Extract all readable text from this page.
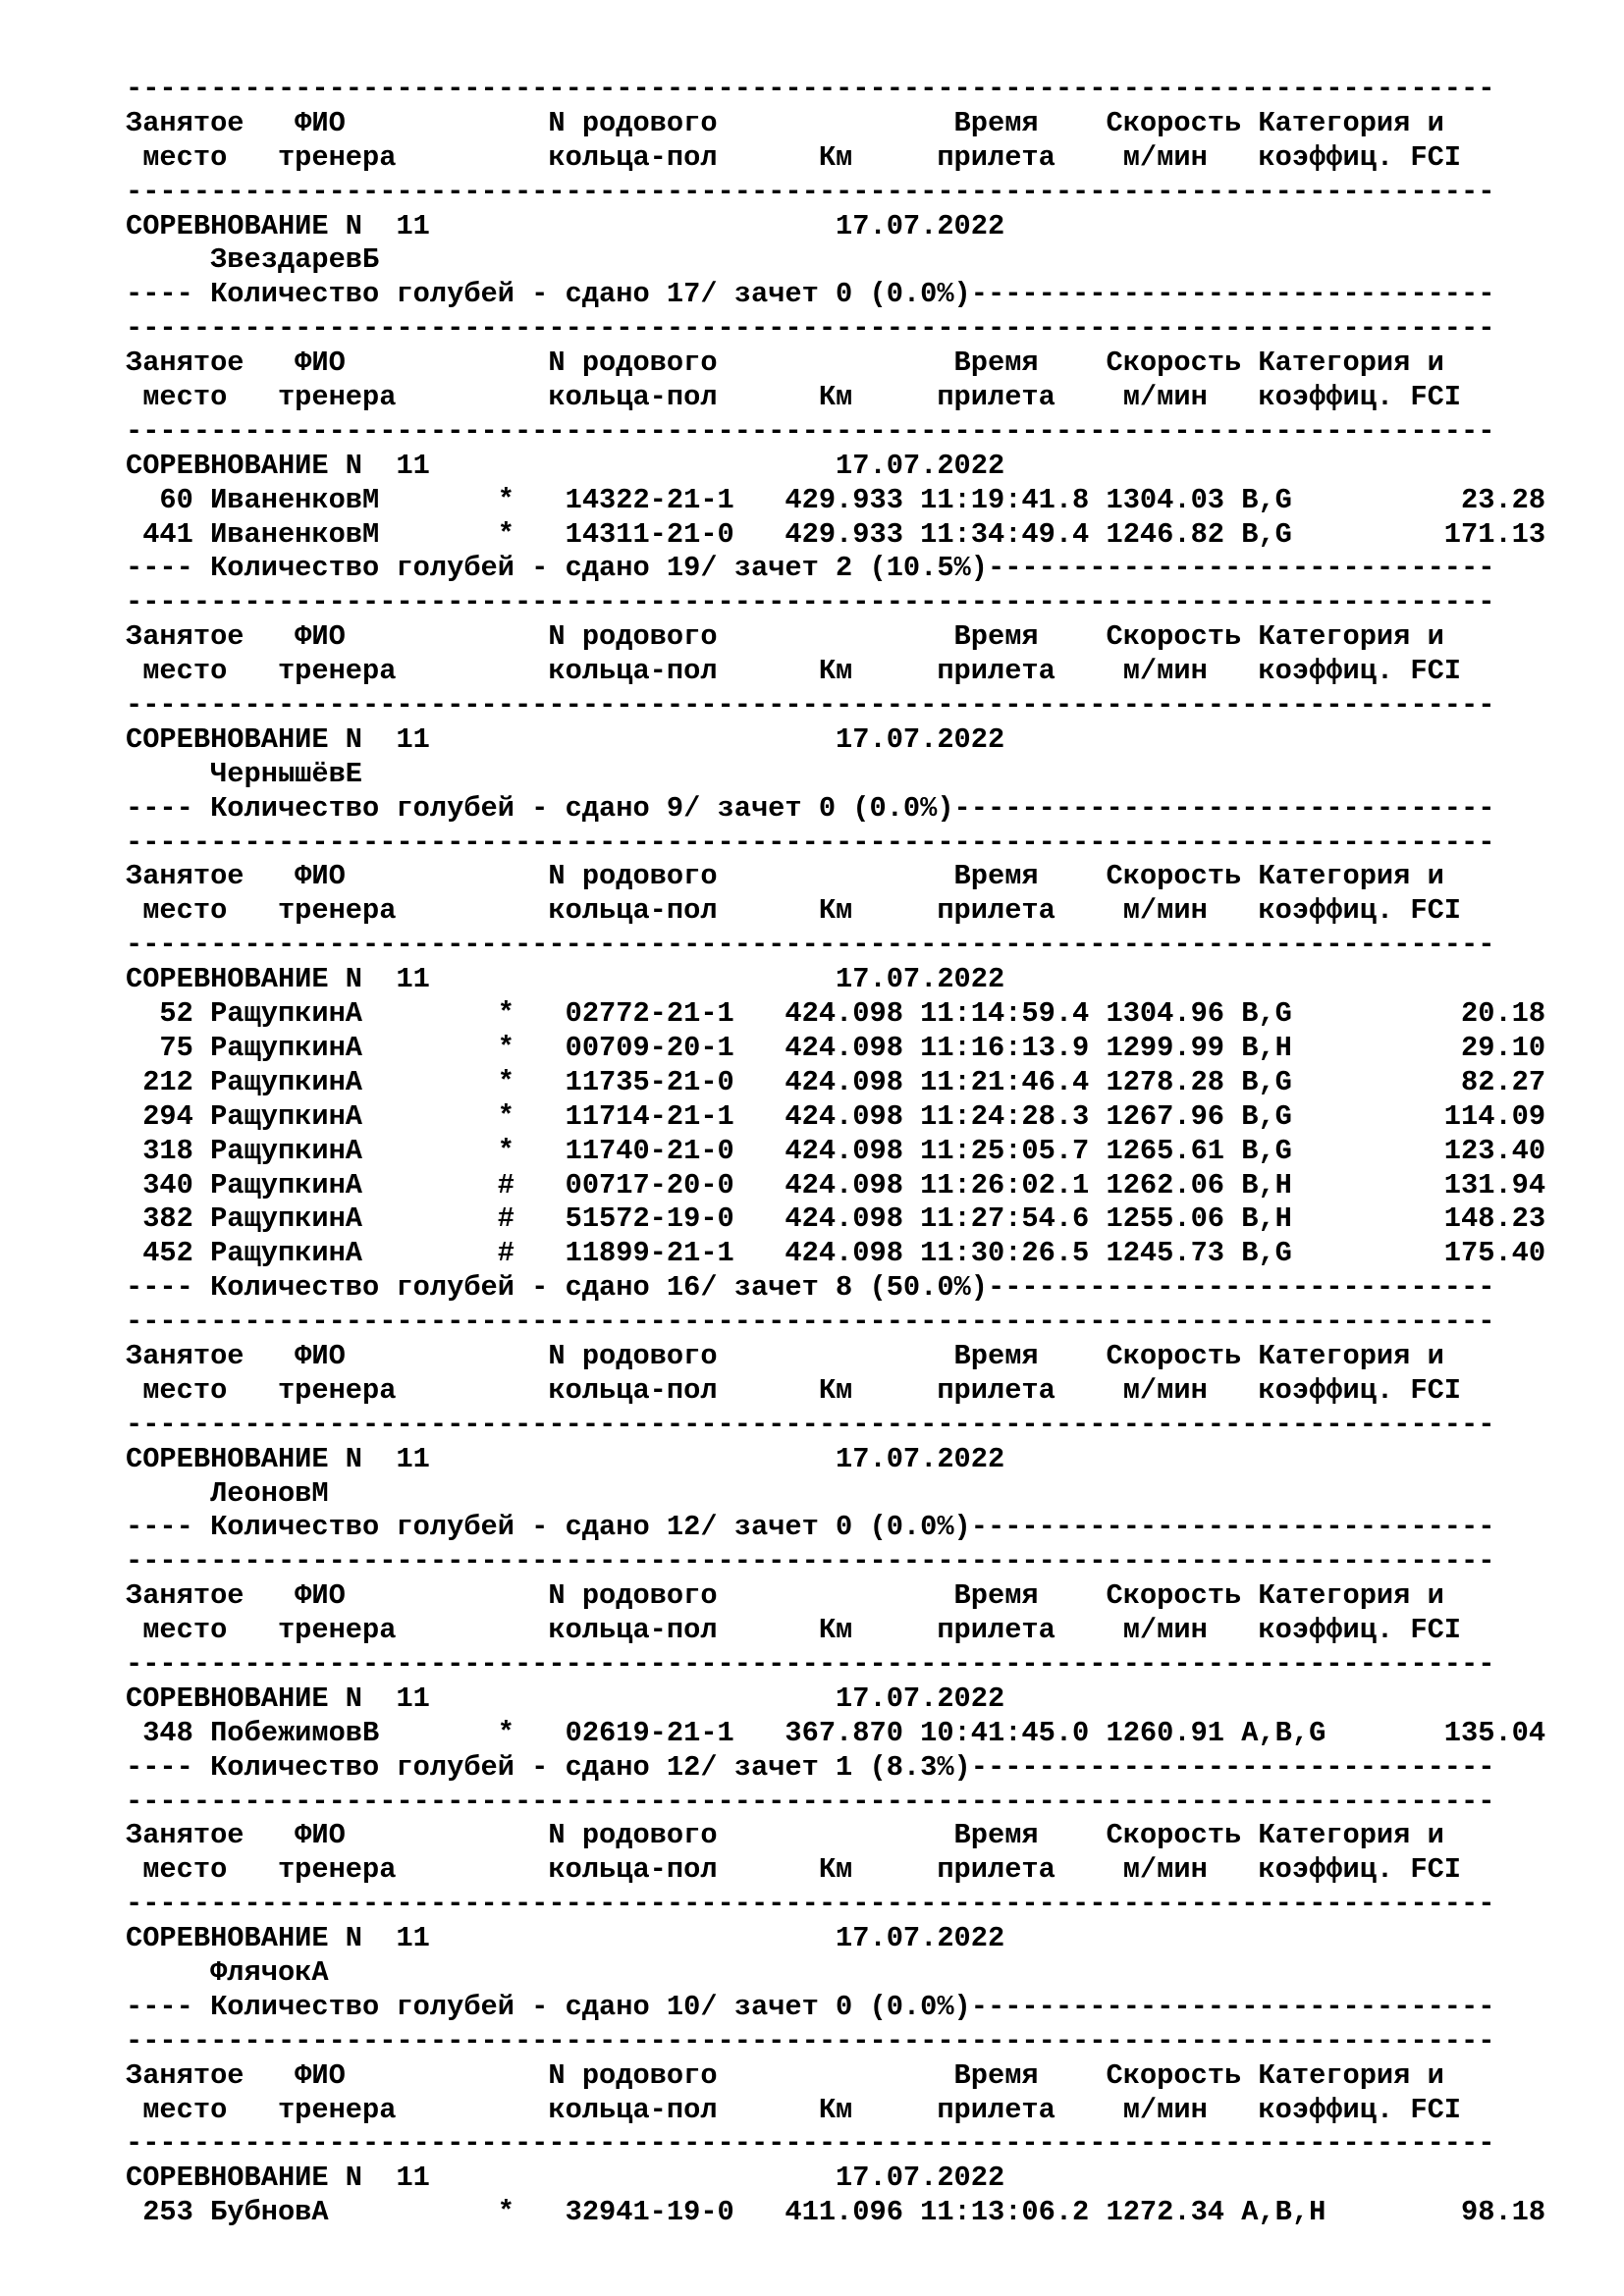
---------------------------------------------------------------------------------
Занятое   ФИО            N родового              Время    Скорость Категория и
место   тренера         кольца-пол      Км     прилета    м/мин   коэффиц. FCI
---------------------------------------------------------------------------------
СОРЕВНОВАНИЕ N  11                        17.07.2022
ЗвездаревБ
---- Количество голубей - сдано 17/ зачет 0 (0.0%)-------------------------------
---------------------------------------------------------------------------------
Занятое   ФИО            N родового              Время    Скорость Категория и
место   тренера         кольца-пол      Км     прилета    м/мин   коэффиц. FCI
---------------------------------------------------------------------------------
СОРЕВНОВАНИЕ N  11                        17.07.2022
60 ИваненковМ       *   14322-21-1   429.933 11:19:41.8 1304.03 B,G          23.28
441 ИваненковМ       *   14311-21-0   429.933 11:34:49.4 1246.82 B,G         171.13
---- Количество голубей - сдано 19/ зачет 2 (10.5%)------------------------------
---------------------------------------------------------------------------------
Занятое   ФИО            N родового              Время    Скорость Категория и
место   тренера         кольца-пол      Км     прилета    м/мин   коэффиц. FCI
---------------------------------------------------------------------------------
СОРЕВНОВАНИЕ N  11                        17.07.2022
ЧернышёвЕ
---- Количество голубей - сдано 9/ зачет 0 (0.0%)--------------------------------
---------------------------------------------------------------------------------
Занятое   ФИО            N родового              Время    Скорость Категория и
место   тренера         кольца-пол      Км     прилета    м/мин   коэффиц. FCI
---------------------------------------------------------------------------------
СОРЕВНОВАНИЕ N  11                        17.07.2022
52 РащупкинА        *   02772-21-1   424.098 11:14:59.4 1304.96 B,G          20.18
75 РащупкинА        *   00709-20-1   424.098 11:16:13.9 1299.99 B,H          29.10
212 РащупкинА        *   11735-21-0   424.098 11:21:46.4 1278.28 B,G          82.27
294 РащупкинА        *   11714-21-1   424.098 11:24:28.3 1267.96 B,G         114.09
318 РащупкинА        *   11740-21-0   424.098 11:25:05.7 1265.61 B,G         123.40
340 РащупкинА        #   00717-20-0   424.098 11:26:02.1 1262.06 B,H         131.94
382 РащупкинА        #   51572-19-0   424.098 11:27:54.6 1255.06 B,H         148.23
452 РащупкинА        #   11899-21-1   424.098 11:30:26.5 1245.73 B,G         175.40
---- Количество голубей - сдано 16/ зачет 8 (50.0%)------------------------------
---------------------------------------------------------------------------------
Занятое   ФИО            N родового              Время    Скорость Категория и
место   тренера         кольца-пол      Км     прилета    м/мин   коэффиц. FCI
---------------------------------------------------------------------------------
СОРЕВНОВАНИЕ N  11                        17.07.2022
ЛеоновМ
---- Количество голубей - сдано 12/ зачет 0 (0.0%)-------------------------------
---------------------------------------------------------------------------------
Занятое   ФИО            N родового              Время    Скорость Категория и
место   тренера         кольца-пол      Км     прилета    м/мин   коэффиц. FCI
---------------------------------------------------------------------------------
СОРЕВНОВАНИЕ N  11                        17.07.2022
348 ПобежимовВ       *   02619-21-1   367.870 10:41:45.0 1260.91 A,B,G       135.04
---- Количество голубей - сдано 12/ зачет 1 (8.3%)-------------------------------
---------------------------------------------------------------------------------
Занятое   ФИО            N родового              Время    Скорость Категория и
место   тренера         кольца-пол      Км     прилета    м/мин   коэффиц. FCI
---------------------------------------------------------------------------------
СОРЕВНОВАНИЕ N  11                        17.07.2022
ФлячокА
---- Количество голубей - сдано 10/ зачет 0 (0.0%)-------------------------------
---------------------------------------------------------------------------------
Занятое   ФИО            N родового              Время    Скорость Категория и
место   тренера         кольца-пол      Км     прилета    м/мин   коэффиц. FCI
---------------------------------------------------------------------------------
СОРЕВНОВАНИЕ N  11                        17.07.2022
253 БубновА          *   32941-19-0   411.096 11:13:06.2 1272.34 A,B,H        98.18
